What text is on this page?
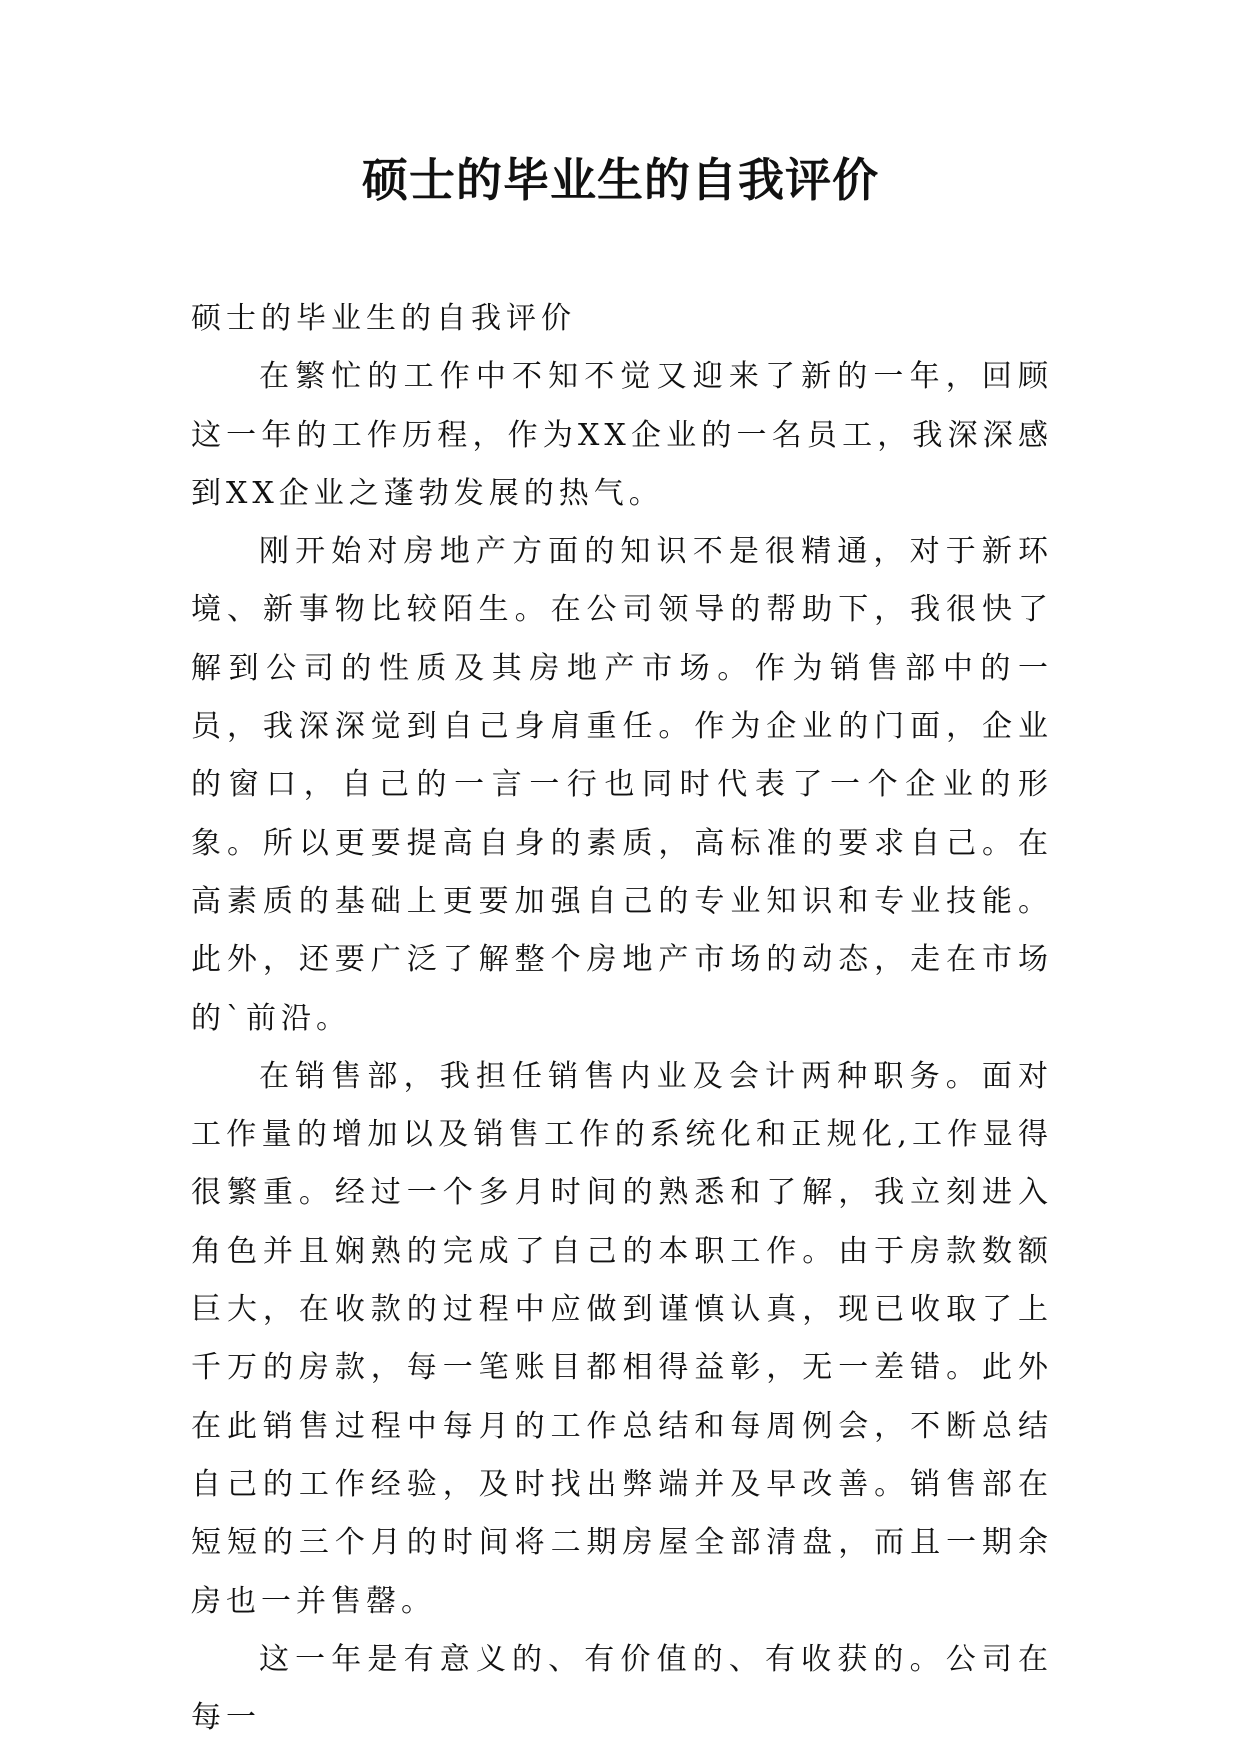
硕士的毕业生的自我评价

硕士的毕业生的自我评价

在繁忙的工作中不知不觉又迎来了新的一年，回顾这一年的工作历程，作为XX企业的一名员工，我深深感到XX企业之蓬勃发展的热气。

刚开始对房地产方面的知识不是很精通，对于新环境、新事物比较陌生。在公司领导的帮助下，我很快了解到公司的性质及其房地产市场。作为销售部中的一员，我深深觉到自己身肩重任。作为企业的门面，企业的窗口，自己的一言一行也同时代表了一个企业的形象。所以更要提高自身的素质，高标准的要求自己。在高素质的基础上更要加强自己的专业知识和专业技能。此外，还要广泛了解整个房地产市场的动态，走在市场的`前沿。

在销售部，我担任销售内业及会计两种职务。面对工作量的增加以及销售工作的系统化和正规化,工作显得很繁重。经过一个多月时间的熟悉和了解，我立刻进入角色并且娴熟的完成了自己的本职工作。由于房款数额巨大，在收款的过程中应做到谨慎认真，现已收取了上千万的房款，每一笔账目都相得益彰，无一差错。此外在此销售过程中每月的工作总结和每周例会，不断总结自己的工作经验，及时找出弊端并及早改善。销售部在短短的三个月的时间将二期房屋全部清盘，而且一期余房也一并售罄。

这一年是有意义的、有价值的、有收获的。公司在每一
